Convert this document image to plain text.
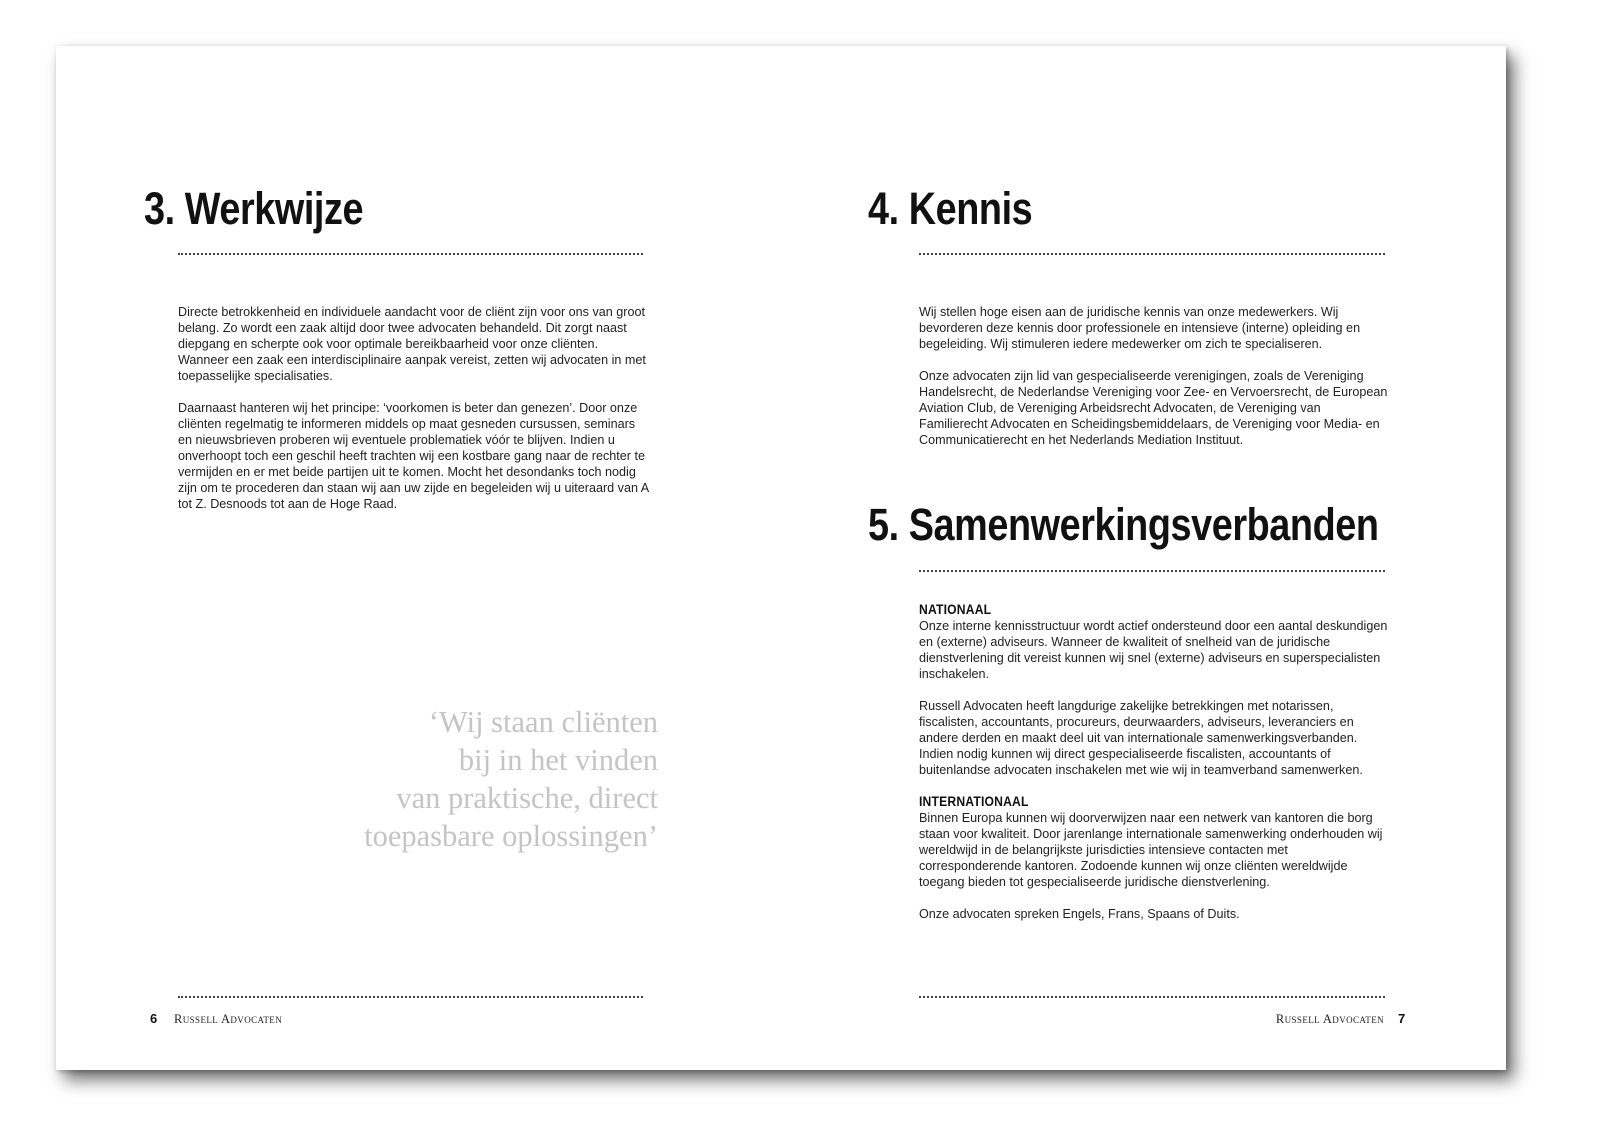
3. Werkwijze

Directe betrokkenheid en individuele aandacht voor de cliënt zijn voor ons van groot belang. Zo wordt een zaak altijd door twee advocaten behandeld. Dit zorgt naast diepgang en scherpte ook voor optimale bereikbaarheid voor onze cliënten. Wanneer een zaak een interdisciplinaire aanpak vereist, zetten wij advocaten in met toepasselijke specialisaties.

Daarnaast hanteren wij het principe: ‘voorkomen is beter dan genezen’. Door onze cliënten regelmatig te informeren middels op maat gesneden cursussen, seminars en nieuwsbrieven proberen wij eventuele problematiek vóór te blijven. Indien u onverhoopt toch een geschil heeft trachten wij een kostbare gang naar de rechter te vermijden en er met beide partijen uit te komen. Mocht het desondanks toch nodig zijn om te procederen dan staan wij aan uw zijde en begeleiden wij u uiteraard van A tot Z. Desnoods tot aan de Hoge Raad.

‘Wij staan cliënten
bij in het vinden
van praktische, direct
toepasbare oplossingen’
6 Russell Advocaten
4. Kennis

Wij stellen hoge eisen aan de juridische kennis van onze medewerkers. Wij bevorderen deze kennis door professionele en intensieve (interne) opleiding en begeleiding. Wij stimuleren iedere medewerker om zich te specialiseren.

Onze advocaten zijn lid van gespecialiseerde verenigingen, zoals de Vereniging Handelsrecht, de Nederlandse Vereniging voor Zee- en Vervoersrecht, de European Aviation Club, de Vereniging Arbeidsrecht Advocaten, de Vereniging van Familierecht Advocaten en Scheidingsbemiddelaars, de Vereniging voor Media- en Communicatierecht en het Nederlands Mediation Instituut.

5. Samenwerkingsverbanden
NATIONAAL

Onze interne kennisstructuur wordt actief ondersteund door een aantal deskundigen en (externe) adviseurs. Wanneer de kwaliteit of snelheid van de juridische dienstverlening dit vereist kunnen wij snel (externe) adviseurs en superspecialisten inschakelen.

Russell Advocaten heeft langdurige zakelijke betrekkingen met notarissen, fiscalisten, accountants, procureurs, deurwaarders, adviseurs, leveranciers en andere derden en maakt deel uit van internationale samenwerkingsverbanden. Indien nodig kunnen wij direct gespecialiseerde fiscalisten, accountants of buitenlandse advocaten inschakelen met wie wij in teamverband samenwerken.

INTERNATIONAAL

Binnen Europa kunnen wij doorverwijzen naar een netwerk van kantoren die borg staan voor kwaliteit. Door jarenlange internationale samenwerking onderhouden wij wereldwijd in de belangrijkste jurisdicties intensieve contacten met corresponderende kantoren. Zodoende kunnen wij onze cliënten wereldwijde toegang bieden tot gespecialiseerde juridische dienstverlening.

Onze advocaten spreken Engels, Frans, Spaans of Duits.

Russell Advocaten 7
